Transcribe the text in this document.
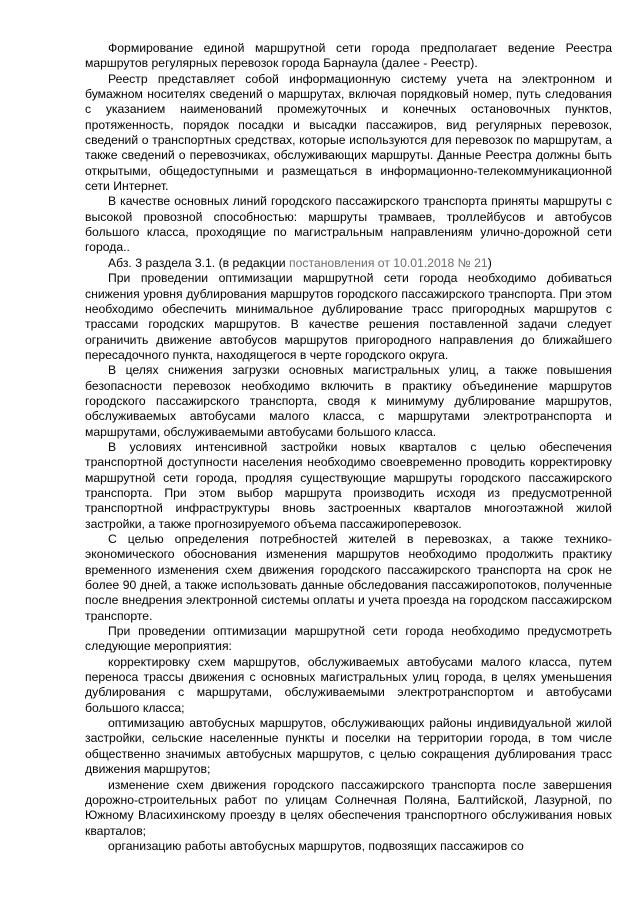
Формирование единой маршрутной сети города предполагает ведение Реестра маршрутов регулярных перевозок города Барнаула (далее - Реестр).

Реестр представляет собой информационную систему учета на электронном и бумажном носителях сведений о маршрутах, включая порядковый номер, путь следования с указанием наименований промежуточных и конечных остановочных пунктов, протяженность, порядок посадки и высадки пассажиров, вид регулярных перевозок, сведений о транспортных средствах, которые используются для перевозок по маршрутам, а также сведений о перевозчиках, обслуживающих маршруты. Данные Реестра должны быть открытыми, общедоступными и размещаться в информационно-телекоммуникационной сети Интернет.

В качестве основных линий городского пассажирского транспорта приняты маршруты с высокой провозной способностью: маршруты трамваев, троллейбусов и автобусов большого класса, проходящие по магистральным направлениям улично-дорожной сети города..

Абз. 3 раздела 3.1. (в редакции постановления от 10.01.2018 № 21)

При проведении оптимизации маршрутной сети города необходимо добиваться снижения уровня дублирования маршрутов городского пассажирского транспорта. При этом необходимо обеспечить минимальное дублирование трасс пригородных маршрутов с трассами городских маршрутов. В качестве решения поставленной задачи следует ограничить движение автобусов маршрутов пригородного направления до ближайшего пересадочного пункта, находящегося в черте городского округа.

В целях снижения загрузки основных магистральных улиц, а также повышения безопасности перевозок необходимо включить в практику объединение маршрутов городского пассажирского транспорта, сводя к минимуму дублирование маршрутов, обслуживаемых автобусами малого класса, с маршрутами электротранспорта и маршрутами, обслуживаемыми автобусами большого класса.

В условиях интенсивной застройки новых кварталов с целью обеспечения транспортной доступности населения необходимо своевременно проводить корректировку маршрутной сети города, продляя существующие маршруты городского пассажирского транспорта. При этом выбор маршрута производить исходя из предусмотренной транспортной инфраструктуры вновь застроенных кварталов многоэтажной жилой застройки, а также прогнозируемого объема пассажироперевозок.

С целью определения потребностей жителей в перевозках, а также технико-экономического обоснования изменения маршрутов необходимо продолжить практику временного изменения схем движения городского пассажирского транспорта на срок не более 90 дней, а также использовать данные обследования пассажиропотоков, полученные после внедрения электронной системы оплаты и учета проезда на городском пассажирском транспорте.

При проведении оптимизации маршрутной сети города необходимо предусмотреть следующие мероприятия:

корректировку схем маршрутов, обслуживаемых автобусами малого класса, путем переноса трассы движения с основных магистральных улиц города, в целях уменьшения дублирования с маршрутами, обслуживаемыми электротранспортом и автобусами большого класса;

оптимизацию автобусных маршрутов, обслуживающих районы индивидуальной жилой застройки, сельские населенные пункты и поселки на территории города, в том числе общественно значимых автобусных маршрутов, с целью сокращения дублирования трасс движения маршрутов;

изменение схем движения городского пассажирского транспорта после завершения дорожно-строительных работ по улицам Солнечная Поляна, Балтийской, Лазурной, по Южному Власихинскому проезду в целях обеспечения транспортного обслуживания новых кварталов;

организацию работы автобусных маршрутов, подвозящих пассажиров со
